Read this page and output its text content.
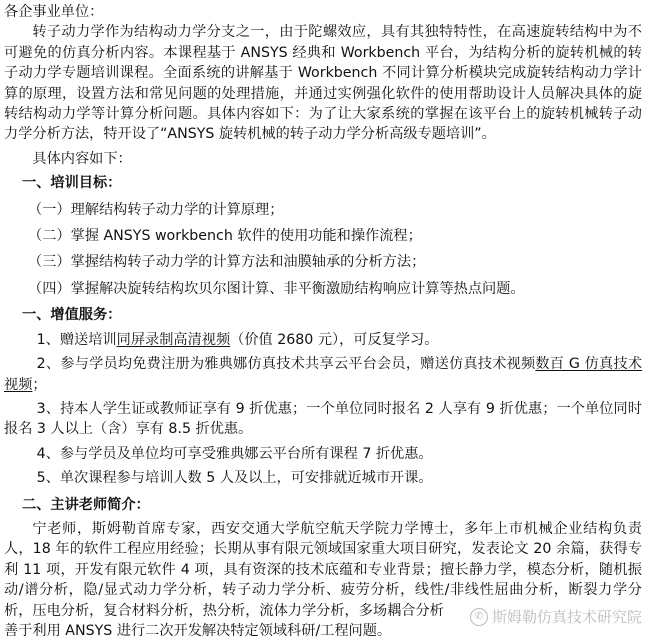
各企事业单位：

转子动力学作为结构动力学分支之一，由于陀螺效应，具有其独特特性，在高速旋转结构中为不可避免的仿真分析内容。本课程基于 ANSYS 经典和 Workbench 平台，为结构分析的旋转机械的转子动力学专题培训课程。全面系统的讲解基于 Workbench 不同计算分析模块完成旋转结构动力学计算的原理，设置方法和常见问题的处理措施，并通过实例强化软件的使用帮助设计人员解决具体的旋转结构动力学等计算分析问题。具体内容如下：为了让大家系统的掌握在该平台上的旋转机械转子动力学分析方法，特开设了“ANSYS 旋转机械的转子动力学分析高级专题培训”。

具体内容如下：

一、培训目标：

（一）理解结构转子动力学的计算原理；

（二）掌握 ANSYS workbench 软件的使用功能和操作流程；

（三）掌握结构转子动力学的计算方法和油膜轴承的分析方法；

（四）掌握解决旋转结构坎贝尔图计算、非平衡激励结构响应计算等热点问题。

一、增值服务：

1、赠送培训同屏录制高清视频（价值 2680 元），可反复学习。

2、参与学员均免费注册为雅典娜仿真技术共享云平台会员，赠送仿真技术视频数百 G 仿真技术视频；

3、持本人学生证或教师证享有 9 折优惠；一个单位同时报名 2 人享有 9 折优惠；一个单位同时报名 3 人以上（含）享有 8.5 折优惠。

4、参与学员及单位均可享受雅典娜云平台所有课程 7 折优惠。

5、单次课程参与培训人数 5 人及以上，可安排就近城市开课。

二、主讲老师简介：

宁老师，斯姆勒首席专家，西安交通大学航空航天学院力学博士，多年上市机械企业结构负责人，18 年的软件工程应用经验；长期从事有限元领域国家重大项目研究，发表论文 20 余篇，获得专利 11 项，开发有限元软件 4 项，具有资深的技术底蕴和专业背景；擅长静力学，模态分析，随机振动/谱分析，隐/显式动力学分析，转子动力学分析、疲劳分析，线性/非线性屈曲分析，断裂力学分析，压电分析，复合材料分析，热分析，流体力学分析，多场耦合分析

善于利用 ANSYS 进行二次开发解决特定领域科研/工程问题。

✆ 斯姆勒仿真技术研究院
